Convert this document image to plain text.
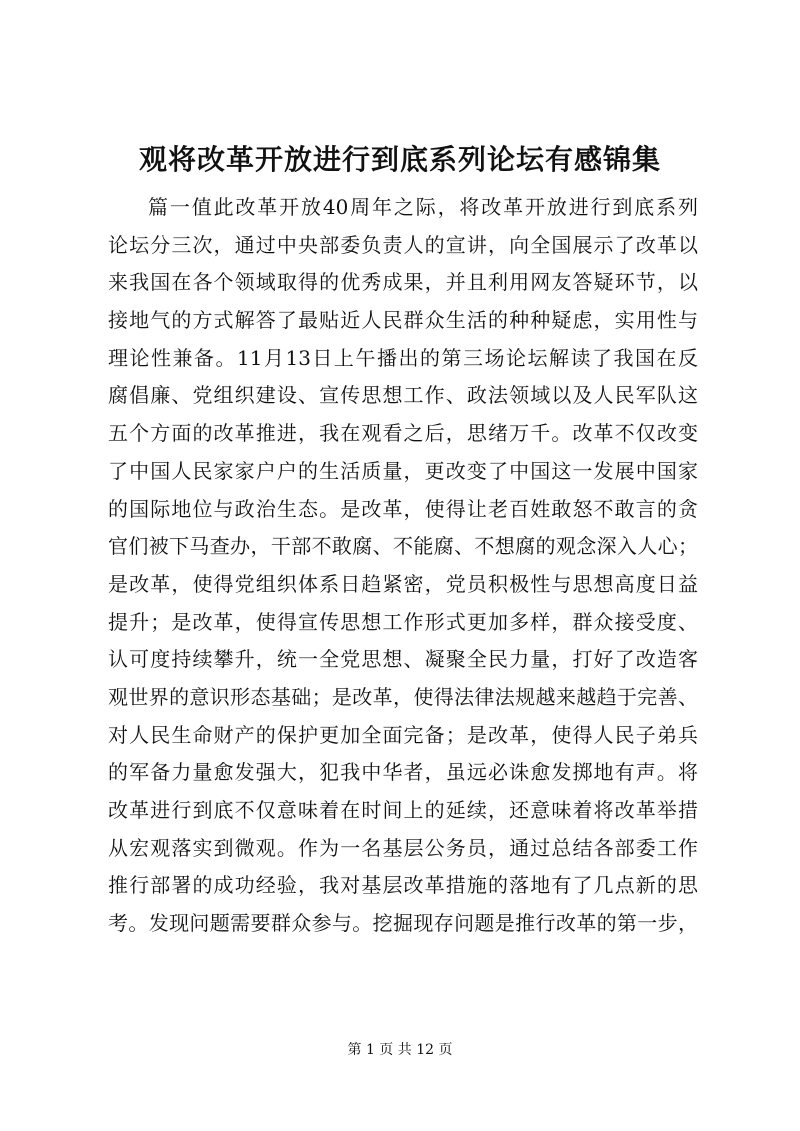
观将改革开放进行到底系列论坛有感锦集
篇一值此改革开放40周年之际，将改革开放进行到底系列
论坛分三次，通过中央部委负责人的宣讲，向全国展示了改革以
来我国在各个领域取得的优秀成果，并且利用网友答疑环节，以
接地气的方式解答了最贴近人民群众生活的种种疑虑，实用性与
理论性兼备。11月13日上午播出的第三场论坛解读了我国在反
腐倡廉、党组织建设、宣传思想工作、政法领域以及人民军队这
五个方面的改革推进，我在观看之后，思绪万千。改革不仅改变
了中国人民家家户户的生活质量，更改变了中国这一发展中国家
的国际地位与政治生态。是改革，使得让老百姓敢怒不敢言的贪
官们被下马查办，干部不敢腐、不能腐、不想腐的观念深入人心；
是改革，使得党组织体系日趋紧密，党员积极性与思想高度日益
提升；是改革，使得宣传思想工作形式更加多样，群众接受度、
认可度持续攀升，统一全党思想、凝聚全民力量，打好了改造客
观世界的意识形态基础；是改革，使得法律法规越来越趋于完善、
对人民生命财产的保护更加全面完备；是改革，使得人民子弟兵
的军备力量愈发强大，犯我中华者，虽远必诛愈发掷地有声。将
改革进行到底不仅意味着在时间上的延续，还意味着将改革举措
从宏观落实到微观。作为一名基层公务员，通过总结各部委工作
推行部署的成功经验，我对基层改革措施的落地有了几点新的思
考。发现问题需要群众参与。挖掘现存问题是推行改革的第一步，
第 1 页 共 12 页
